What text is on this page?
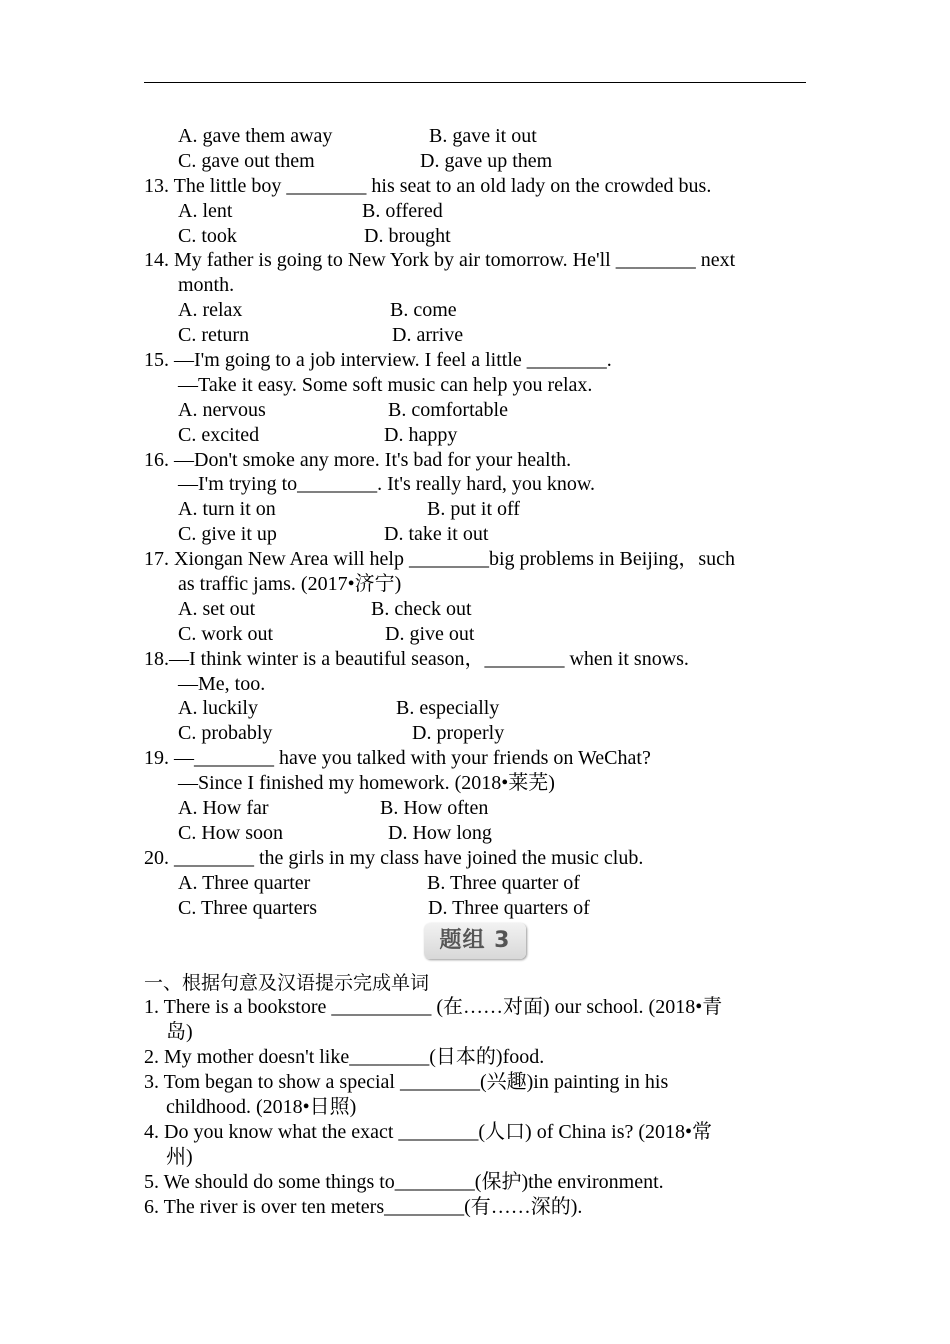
A. gave them away	B. gave it out
C. gave out them	D. gave up them
13. The little boy ________ his seat to an old lady on the crowded bus.
A. lent	B. offered
C. took	D. brought
14. My father is going to New York by air tomorrow. He'll ________ next
month.
A. relax	B. come
C. return	D. arrive
15. —I'm going to a job interview. I feel a little ________.
—Take it easy. Some soft music can help you relax.
A. nervous	B. comfortable
C. excited	D. happy
16. —Don't smoke any more. It's bad for your health.
—I'm trying to________. It's really hard, you know.
A. turn it on	B. put it off
C. give it up	D. take it out
17. Xiongan New Area will help ________big problems in Beijing，such
as traffic jams. (2017•济宁)
A. set out	B. check out
C. work out	D. give out
18.—I think winter is a beautiful season，________ when it snows.
—Me, too.
A. luckily	B. especially
C. probably	D. properly
19. —________ have you talked with your friends on WeChat?
—Since I finished my homework. (2018•莱芜)
A. How far	B. How often
C. How soon	D. How long
20. ________ the girls in my class have joined the music club.
A. Three quarter	B. Three quarter of
C. Three quarters	D. Three quarters of
题组 3
一、根据句意及汉语提示完成单词
1. There is a bookstore __________ (在……对面) our school. (2018•青
岛)
2. My mother doesn't like________(日本的)food.
3. Tom began to show a special ________(兴趣)in painting in his
childhood. (2018•日照)
4. Do you know what the exact ________(人口) of China is? (2018•常
州)
5. We should do some things to________(保护)the environment.
6. The river is over ten meters________(有……深的).
